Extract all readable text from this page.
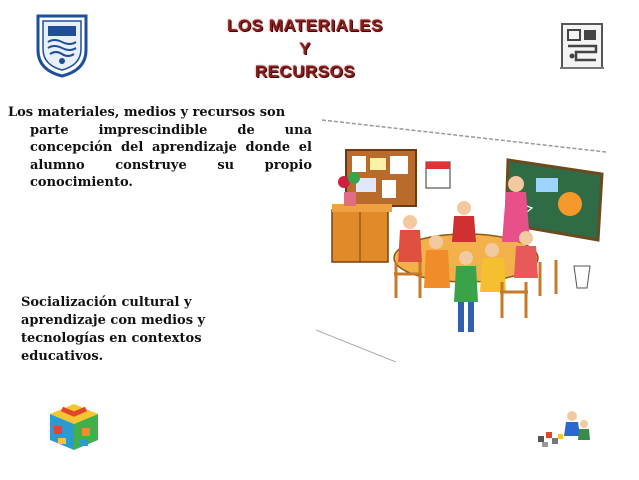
LOS MATERIALES
Y
RECURSOS
Los materiales, medios y recursos son
parte imprescindible de una concepción del aprendizaje donde el alumno construye su propio conocimiento.
Socialización cultural y aprendizaje con medios y tecnologías en contextos educativos.
